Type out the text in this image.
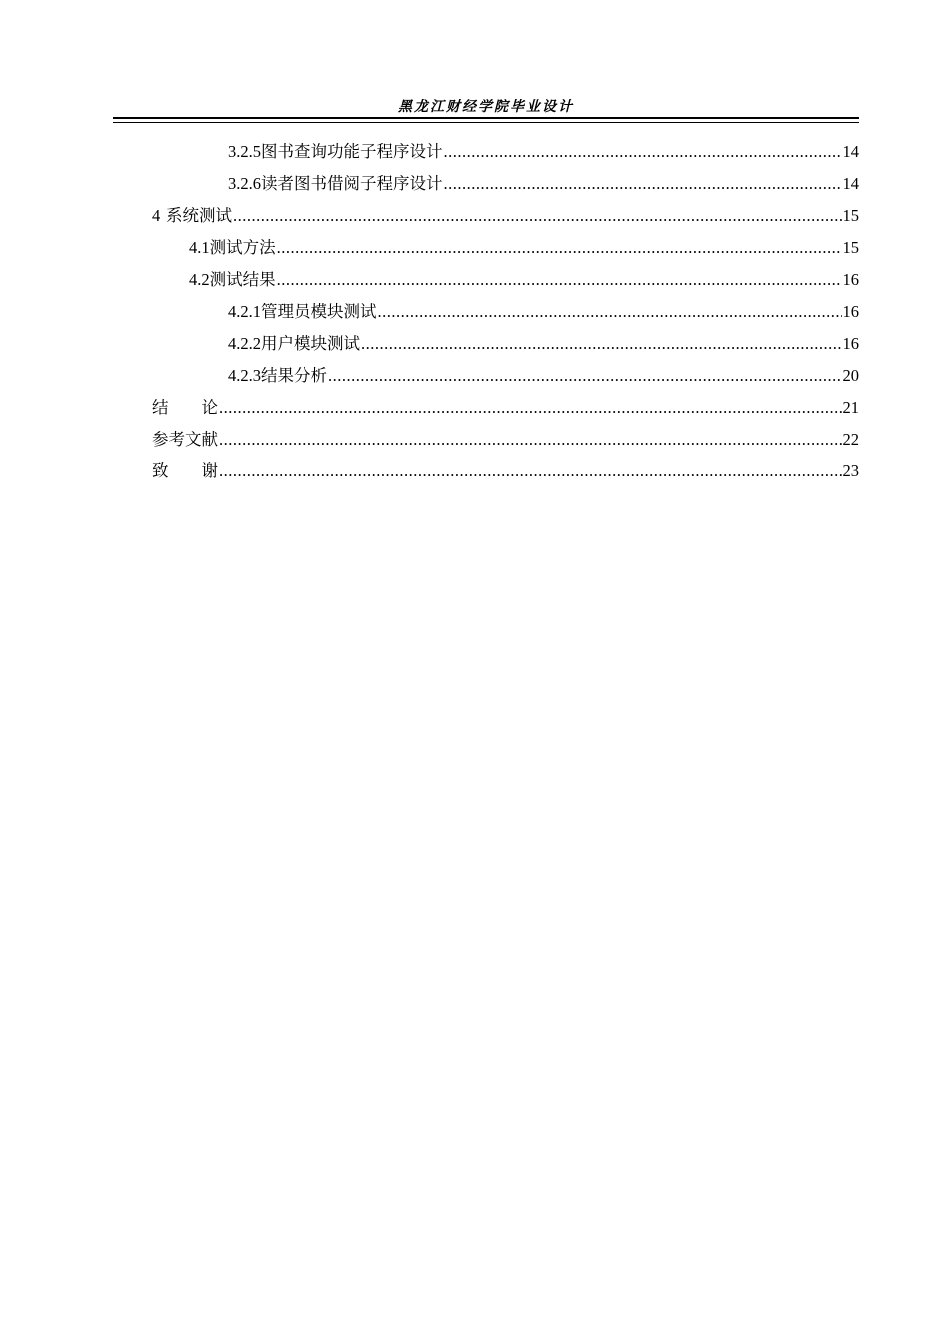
黑龙江财经学院毕业设计
3.2.5 图书查询功能子程序设计 .....	14
3.2.6 读者图书借阅子程序设计 .....	14
4 系统测试 .....	15
4.1 测试方法 .....	15
4.2 测试结果 .....	16
4.2.1 管理员模块测试 .....	16
4.2.2 用户模块测试 .....	16
4.2.3 结果分析 .....	20
结　　论 .....	21
参考文献 .....	22
致　　谢 .....	23
